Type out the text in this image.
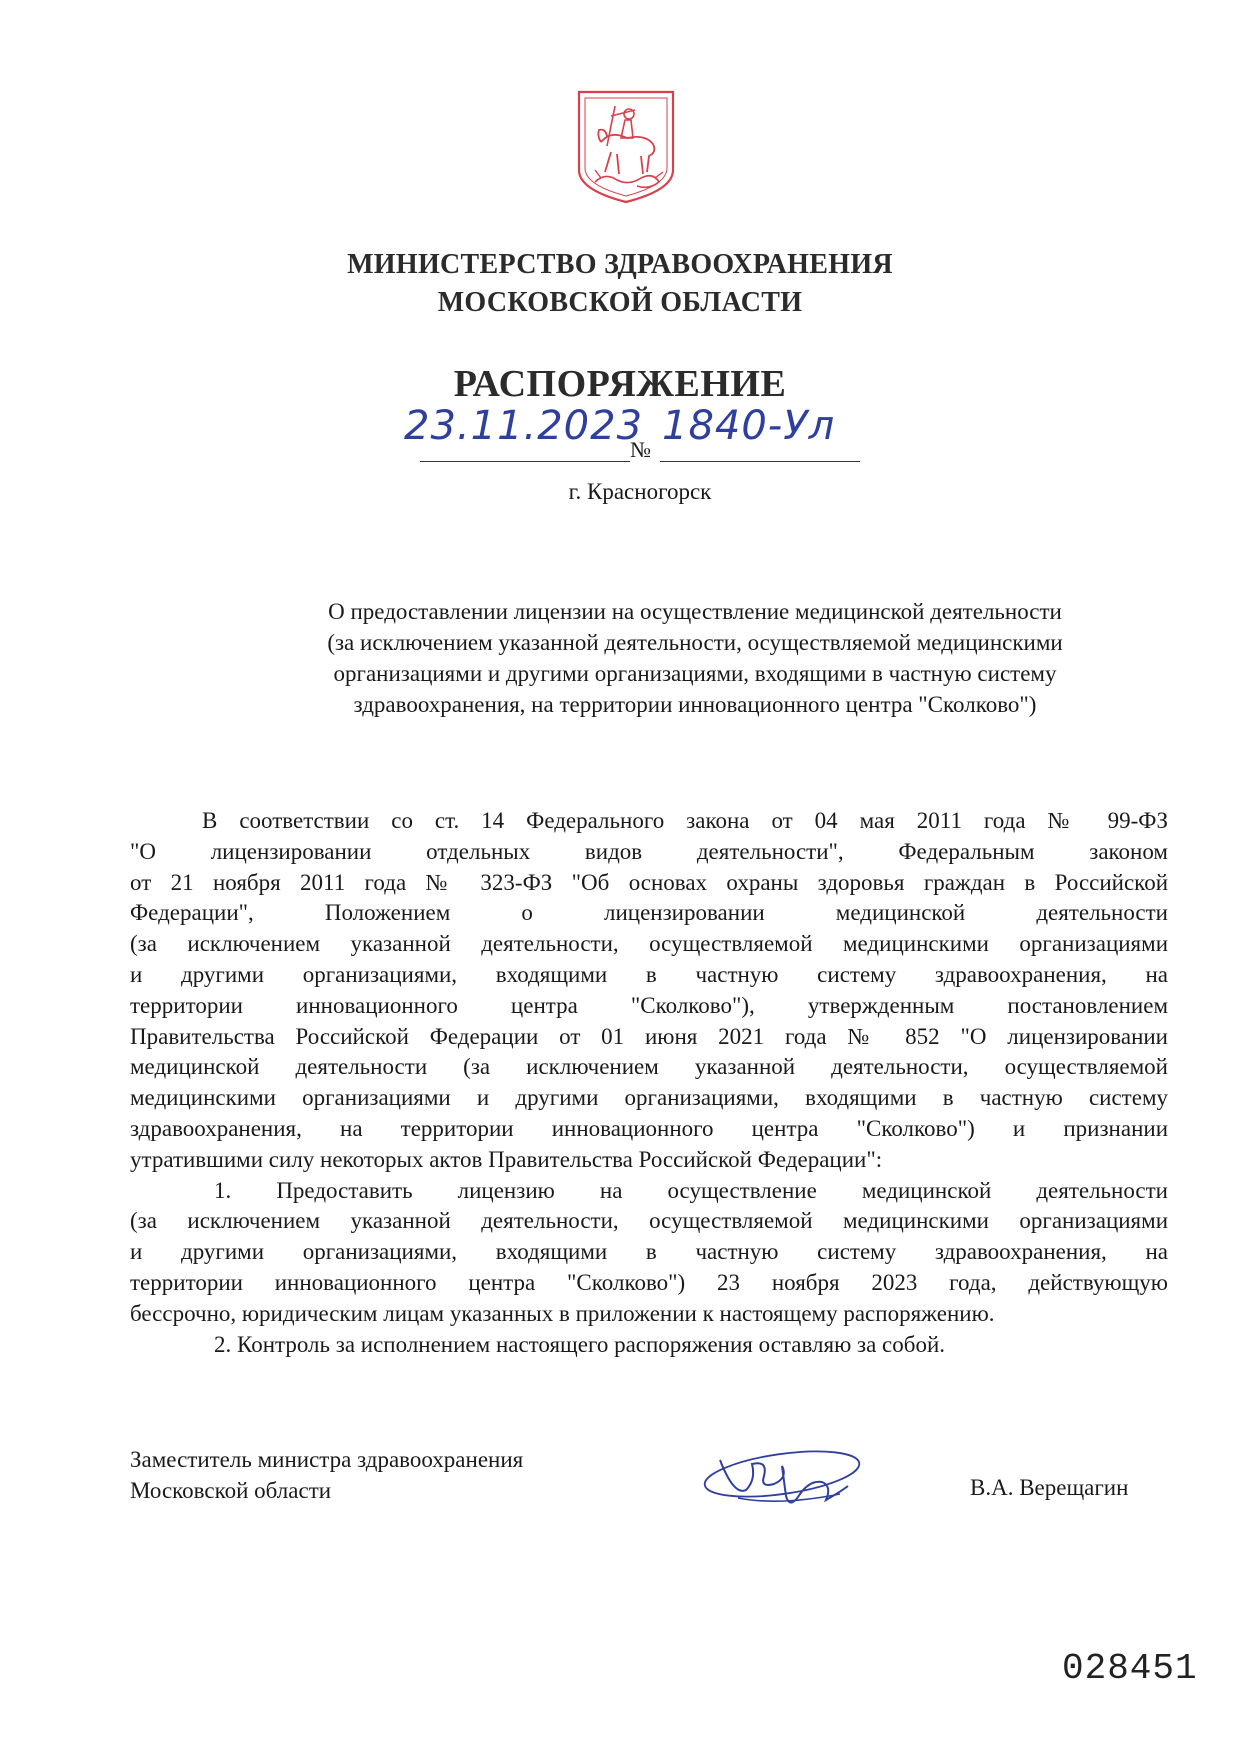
МИНИСТЕРСТВО ЗДРАВООХРАНЕНИЯ
МОСКОВСКОЙ ОБЛАСТИ
РАСПОРЯЖЕНИЕ
23.11.2023
№
1840-Ул
г. Красногорск
О предоставлении лицензии на осуществление медицинской деятельности
(за исключением указанной деятельности, осуществляемой медицинскими
организациями и другими организациями, входящими в частную систему
здравоохранения, на территории инновационного центра "Сколково")
В соответствии со ст. 14 Федерального закона от 04 мая 2011 года № 99-ФЗ
"О лицензировании отдельных видов деятельности", Федеральным законом
от 21 ноября 2011 года № 323-ФЗ "Об основах охраны здоровья граждан в Российской
Федерации", Положением о лицензировании медицинской деятельности
(за исключением указанной деятельности, осуществляемой медицинскими организациями
и другими организациями, входящими в частную систему здравоохранения, на
территории инновационного центра "Сколково"), утвержденным постановлением
Правительства Российской Федерации от 01 июня 2021 года № 852 "О лицензировании
медицинской деятельности (за исключением указанной деятельности, осуществляемой
медицинскими организациями и другими организациями, входящими в частную систему
здравоохранения, на территории инновационного центра "Сколково") и признании
утратившими силу некоторых актов Правительства Российской Федерации":
1. Предоставить лицензию на осуществление медицинской деятельности
(за исключением указанной деятельности, осуществляемой медицинскими организациями
и другими организациями, входящими в частную систему здравоохранения, на
территории инновационного центра "Сколково") 23 ноября 2023 года, действующую
бессрочно, юридическим лицам указанных в приложении к настоящему распоряжению.
2. Контроль за исполнением настоящего распоряжения оставляю за собой.
Заместитель министра здравоохранения
Московской области	В.А. Верещагин
028451
